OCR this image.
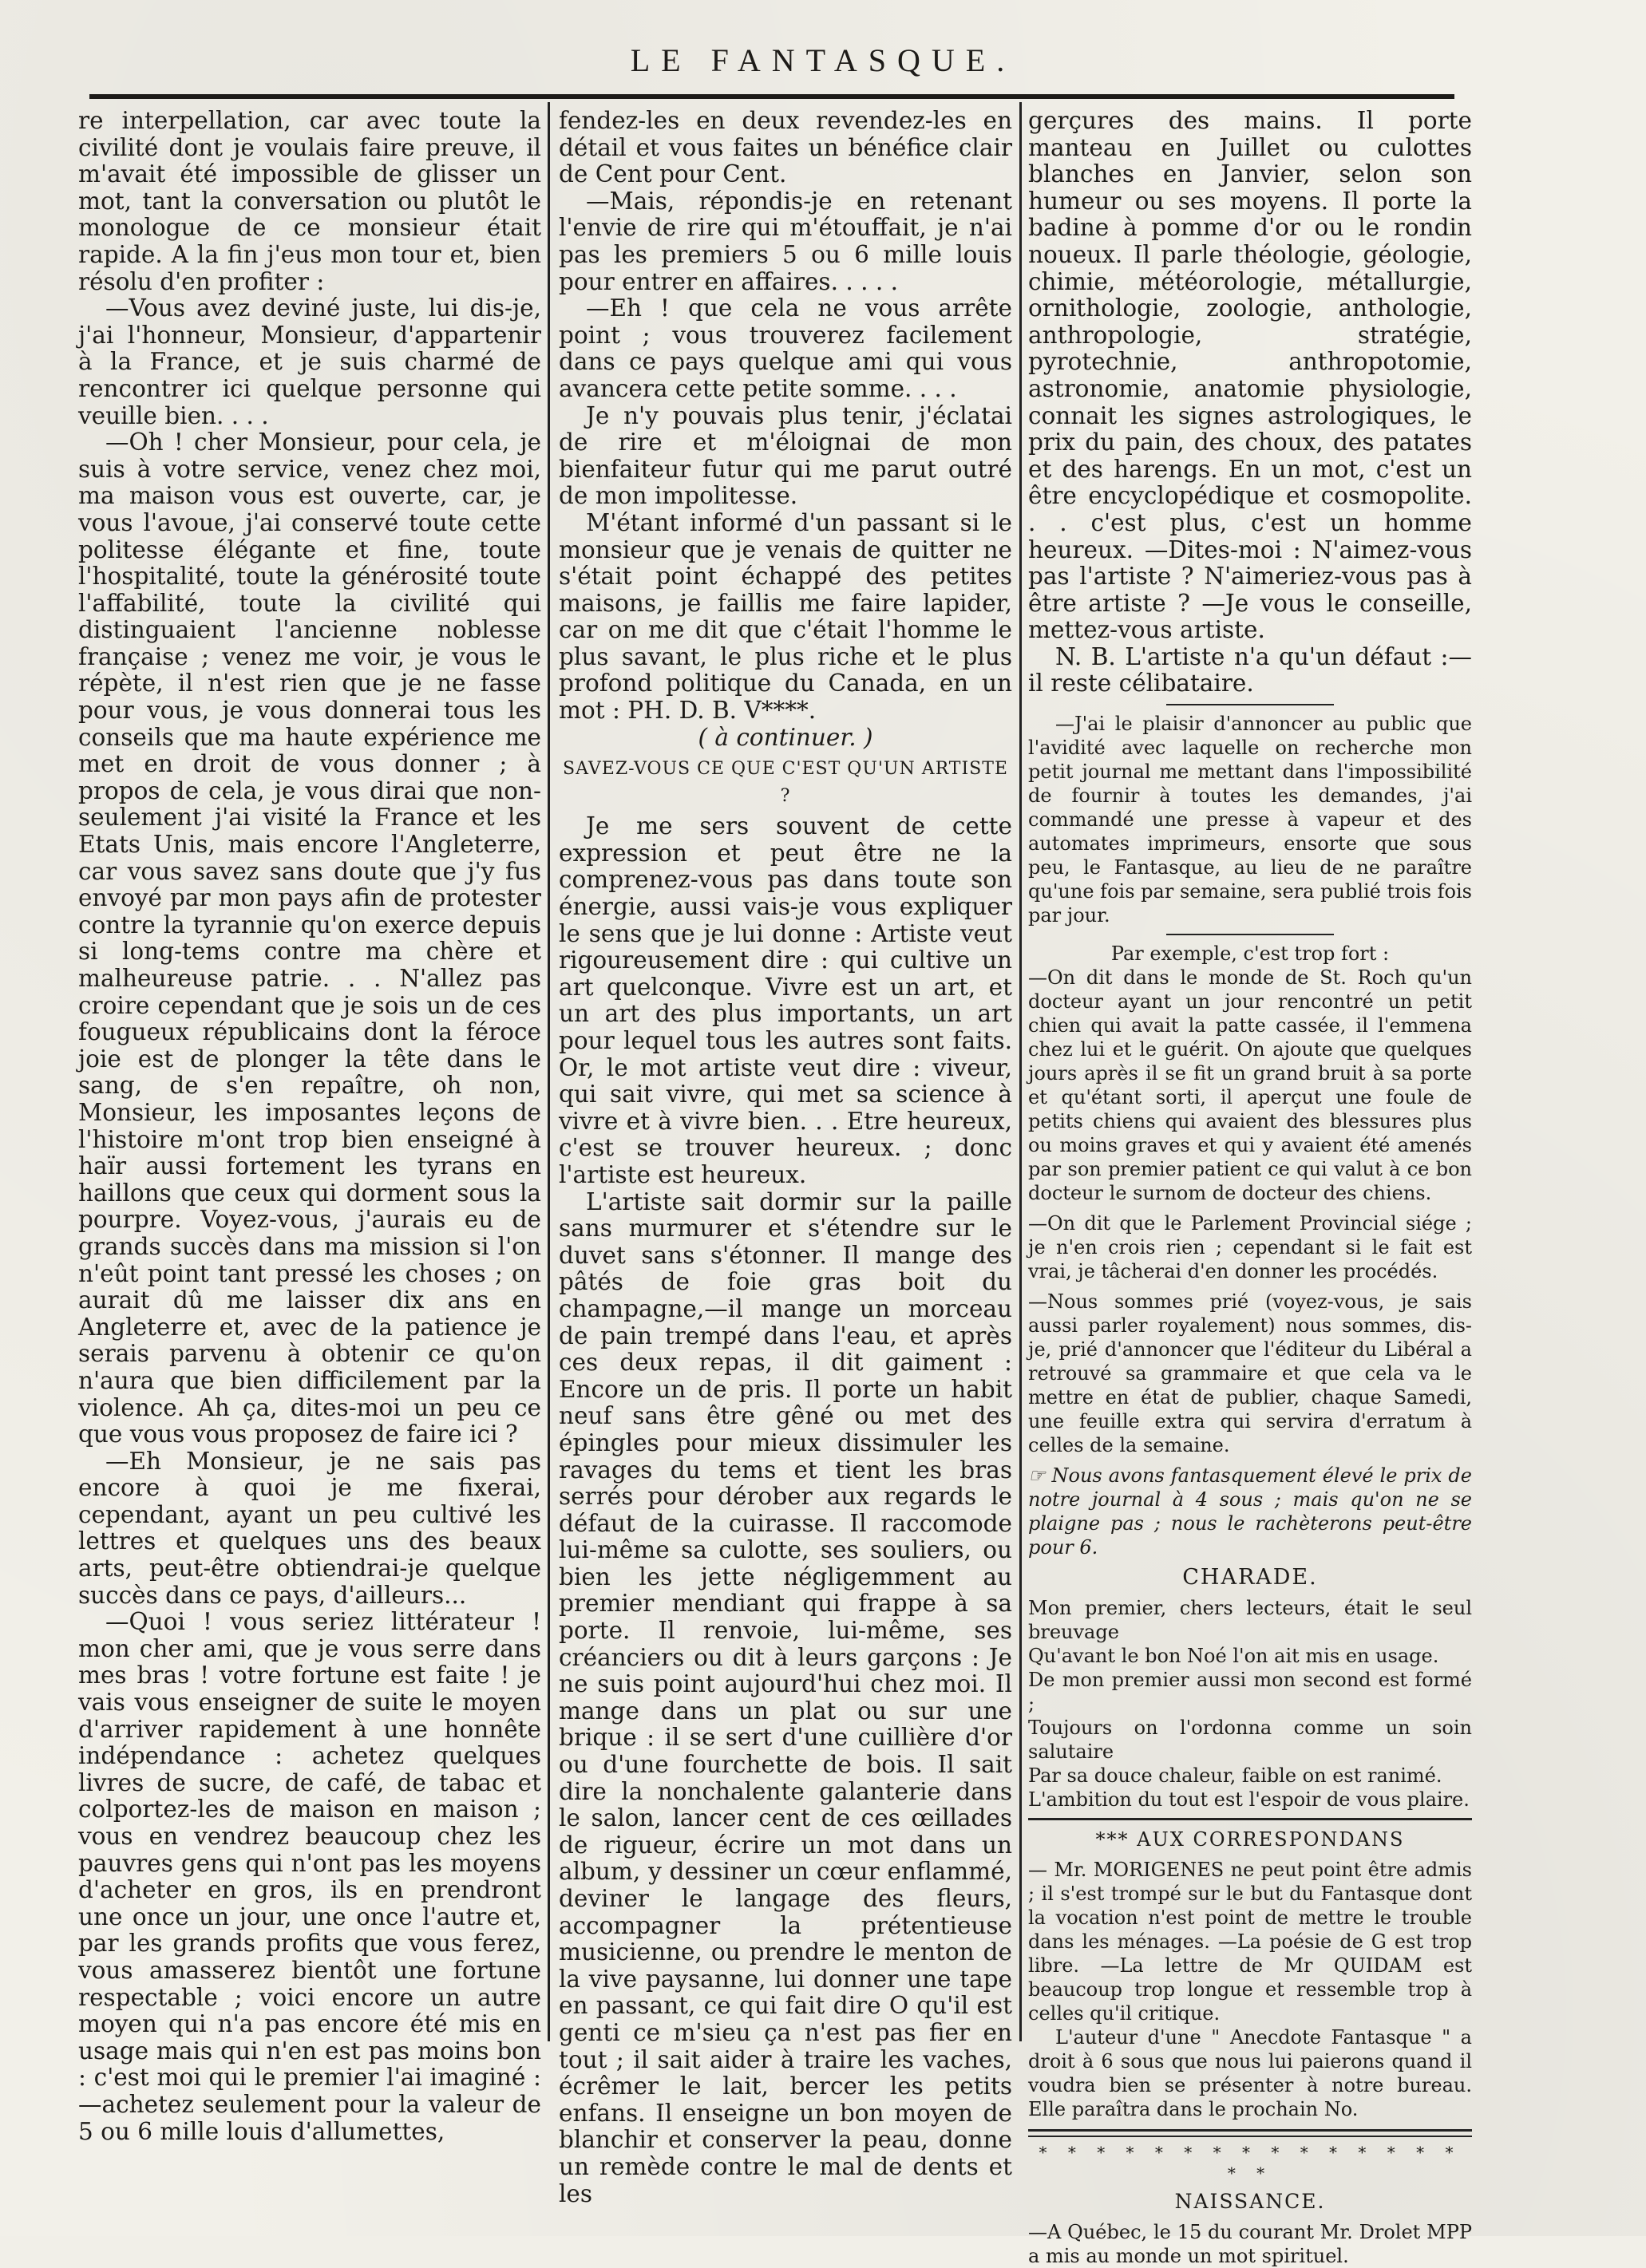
LE FANTASQUE.

re interpellation, car avec toute la civilité dont je voulais faire preuve, il m'avait été impossible de glisser un mot, tant la conversation ou plutôt le monologue de ce monsieur était rapide. A la fin j'eus mon tour et, bien résolu d'en profiter :

—Vous avez deviné juste, lui dis-je, j'ai l'honneur, Monsieur, d'appartenir à la France, et je suis charmé de rencontrer ici quelque personne qui veuille bien. . . .

—Oh ! cher Monsieur, pour cela, je suis à votre service, venez chez moi, ma maison vous est ouverte, car, je vous l'avoue, j'ai conservé toute cette politesse élégante et fine, toute l'hospitalité, toute la générosité toute l'affabilité, toute la civilité qui distinguaient l'ancienne noblesse française ; venez me voir, je vous le répète, il n'est rien que je ne fasse pour vous, je vous donnerai tous les conseils que ma haute expérience me met en droit de vous donner ; à propos de cela, je vous dirai que non-seulement j'ai visité la France et les Etats Unis, mais encore l'Angleterre, car vous savez sans doute que j'y fus envoyé par mon pays afin de protester contre la tyrannie qu'on exerce depuis si long-tems contre ma chère et malheureuse patrie. . . N'allez pas croire cependant que je sois un de ces fougueux républicains dont la féroce joie est de plonger la tête dans le sang, de s'en repaître, oh non, Monsieur, les imposantes leçons de l'histoire m'ont trop bien enseigné à haïr aussi fortement les tyrans en haillons que ceux qui dorment sous la pourpre. Voyez-vous, j'aurais eu de grands succès dans ma mission si l'on n'eût point tant pressé les choses ; on aurait dû me laisser dix ans en Angleterre et, avec de la patience je serais parvenu à obtenir ce qu'on n'aura que bien difficilement par la violence. Ah ça, dites-moi un peu ce que vous vous proposez de faire ici ?

—Eh Monsieur, je ne sais pas encore à quoi je me fixerai, cependant, ayant un peu cultivé les lettres et quelques uns des beaux arts, peut-être obtiendrai-je quelque succès dans ce pays, d'ailleurs...

—Quoi ! vous seriez littérateur ! mon cher ami, que je vous serre dans mes bras ! votre fortune est faite ! je vais vous enseigner de suite le moyen d'arriver rapidement à une honnête indépendance : achetez quelques livres de sucre, de café, de tabac et colportez-les de maison en maison ; vous en vendrez beaucoup chez les pauvres gens qui n'ont pas les moyens d'acheter en gros, ils en prendront une once un jour, une once l'autre et, par les grands profits que vous ferez, vous amasserez bientôt une fortune respectable ; voici encore un autre moyen qui n'a pas encore été mis en usage mais qui n'en est pas moins bon : c'est moi qui le premier l'ai imaginé :—achetez seulement pour la valeur de 5 ou 6 mille louis d'allumettes,

fendez-les en deux revendez-les en détail et vous faites un bénéfice clair de Cent pour Cent.

—Mais, répondis-je en retenant l'envie de rire qui m'étouffait, je n'ai pas les premiers 5 ou 6 mille louis pour entrer en affaires. . . . .

—Eh ! que cela ne vous arrête point ; vous trouverez facilement dans ce pays quelque ami qui vous avancera cette petite somme. . . .

Je n'y pouvais plus tenir, j'éclatai de rire et m'éloignai de mon bienfaiteur futur qui me parut outré de mon impolitesse.

M'étant informé d'un passant si le monsieur que je venais de quitter ne s'était point échappé des petites maisons, je faillis me faire lapider, car on me dit que c'était l'homme le plus savant, le plus riche et le plus profond politique du Canada, en un mot : PH. D. B. V****.

( à continuer. )

SAVEZ-VOUS CE QUE C'EST QU'UN ARTISTE ?

Je me sers souvent de cette expression et peut être ne la comprenez-vous pas dans toute son énergie, aussi vais-je vous expliquer le sens que je lui donne : Artiste veut rigoureusement dire : qui cultive un art quelconque. Vivre est un art, et un art des plus importants, un art pour lequel tous les autres sont faits. Or, le mot artiste veut dire : viveur, qui sait vivre, qui met sa science à vivre et à vivre bien. . . Etre heureux, c'est se trouver heureux. ; donc l'artiste est heureux.

L'artiste sait dormir sur la paille sans murmurer et s'étendre sur le duvet sans s'étonner. Il mange des pâtés de foie gras boit du champagne,—il mange un morceau de pain trempé dans l'eau, et après ces deux repas, il dit gaiment : Encore un de pris. Il porte un habit neuf sans être gêné ou met des épingles pour mieux dissimuler les ravages du tems et tient les bras serrés pour dérober aux regards le défaut de la cuirasse. Il raccomode lui-même sa culotte, ses souliers, ou bien les jette négligemment au premier mendiant qui frappe à sa porte. Il renvoie, lui-même, ses créanciers ou dit à leurs garçons : Je ne suis point aujourd'hui chez moi. Il mange dans un plat ou sur une brique : il se sert d'une cuillière d'or ou d'une fourchette de bois. Il sait dire la nonchalente galanterie dans le salon, lancer cent de ces œillades de rigueur, écrire un mot dans un album, y dessiner un cœur enflammé, deviner le langage des fleurs, accompagner la prétentieuse musicienne, ou prendre le menton de la vive paysanne, lui donner une tape en passant, ce qui fait dire O qu'il est genti ce m'sieu ça n'est pas fier en tout ; il sait aider à traire les vaches, écrêmer le lait, bercer les petits enfans. Il enseigne un bon moyen de blanchir et conserver la peau, donne un remède contre le mal de dents et les

gerçures des mains. Il porte manteau en Juillet ou culottes blanches en Janvier, selon son humeur ou ses moyens. Il porte la badine à pomme d'or ou le rondin noueux. Il parle théologie, géologie, chimie, météorologie, métallurgie, ornithologie, zoologie, anthologie, anthropologie, stratégie, pyrotechnie, anthropotomie, astronomie, anatomie physiologie, connait les signes astrologiques, le prix du pain, des choux, des patates et des harengs. En un mot, c'est un être encyclopédique et cosmopolite. . . c'est plus, c'est un homme heureux. —Dites-moi : N'aimez-vous pas l'artiste ? N'aimeriez-vous pas à être artiste ? —Je vous le conseille, mettez-vous artiste.

N. B. L'artiste n'a qu'un défaut :—il reste célibataire.

—J'ai le plaisir d'annoncer au public que l'avidité avec laquelle on recherche mon petit journal me mettant dans l'impossibilité de fournir à toutes les demandes, j'ai commandé une presse à vapeur et des automates imprimeurs, ensorte que sous peu, le Fantasque, au lieu de ne paraître qu'une fois par semaine, sera publié trois fois par jour.

Par exemple, c'est trop fort :

—On dit dans le monde de St. Roch qu'un docteur ayant un jour rencontré un petit chien qui avait la patte cassée, il l'emmena chez lui et le guérit. On ajoute que quelques jours après il se fit un grand bruit à sa porte et qu'étant sorti, il aperçut une foule de petits chiens qui avaient des blessures plus ou moins graves et qui y avaient été amenés par son premier patient ce qui valut à ce bon docteur le surnom de docteur des chiens.

—On dit que le Parlement Provincial siége ; je n'en crois rien ; cependant si le fait est vrai, je tâcherai d'en donner les procédés.

—Nous sommes prié (voyez-vous, je sais aussi parler royalement) nous sommes, dis-je, prié d'annoncer que l'éditeur du Libéral a retrouvé sa grammaire et que cela va le mettre en état de publier, chaque Samedi, une feuille extra qui servira d'erratum à celles de la semaine.

☞ Nous avons fantasquement élevé le prix de notre journal à 4 sous ; mais qu'on ne se plaigne pas ; nous le rachèterons peut-être pour 6.

CHARADE.
Mon premier, chers lecteurs, était le seul breuvage
Qu'avant le bon Noé l'on ait mis en usage.
De mon premier aussi mon second est formé ;
Toujours on l'ordonna comme un soin salutaire
Par sa douce chaleur, faible on est ranimé.
L'ambition du tout est l'espoir de vous plaire.
*** AUX CORRESPONDANS

— Mr. MORIGENES ne peut point être admis ; il s'est trompé sur le but du Fantasque dont la vocation n'est point de mettre le trouble dans les ménages. —La poésie de G est trop libre. —La lettre de Mr QUIDAM est beaucoup trop longue et ressemble trop à celles qu'il critique.

L'auteur d'une " Anecdote Fantasque " a droit à 6 sous que nous lui paierons quand il voudra bien se présenter à notre bureau. Elle paraîtra dans le prochain No.

* * * * * * * * * * * * * * * * *
NAISSANCE.

—A Québec, le 15 du courant Mr. Drolet MPP a mis au monde un mot spirituel.
